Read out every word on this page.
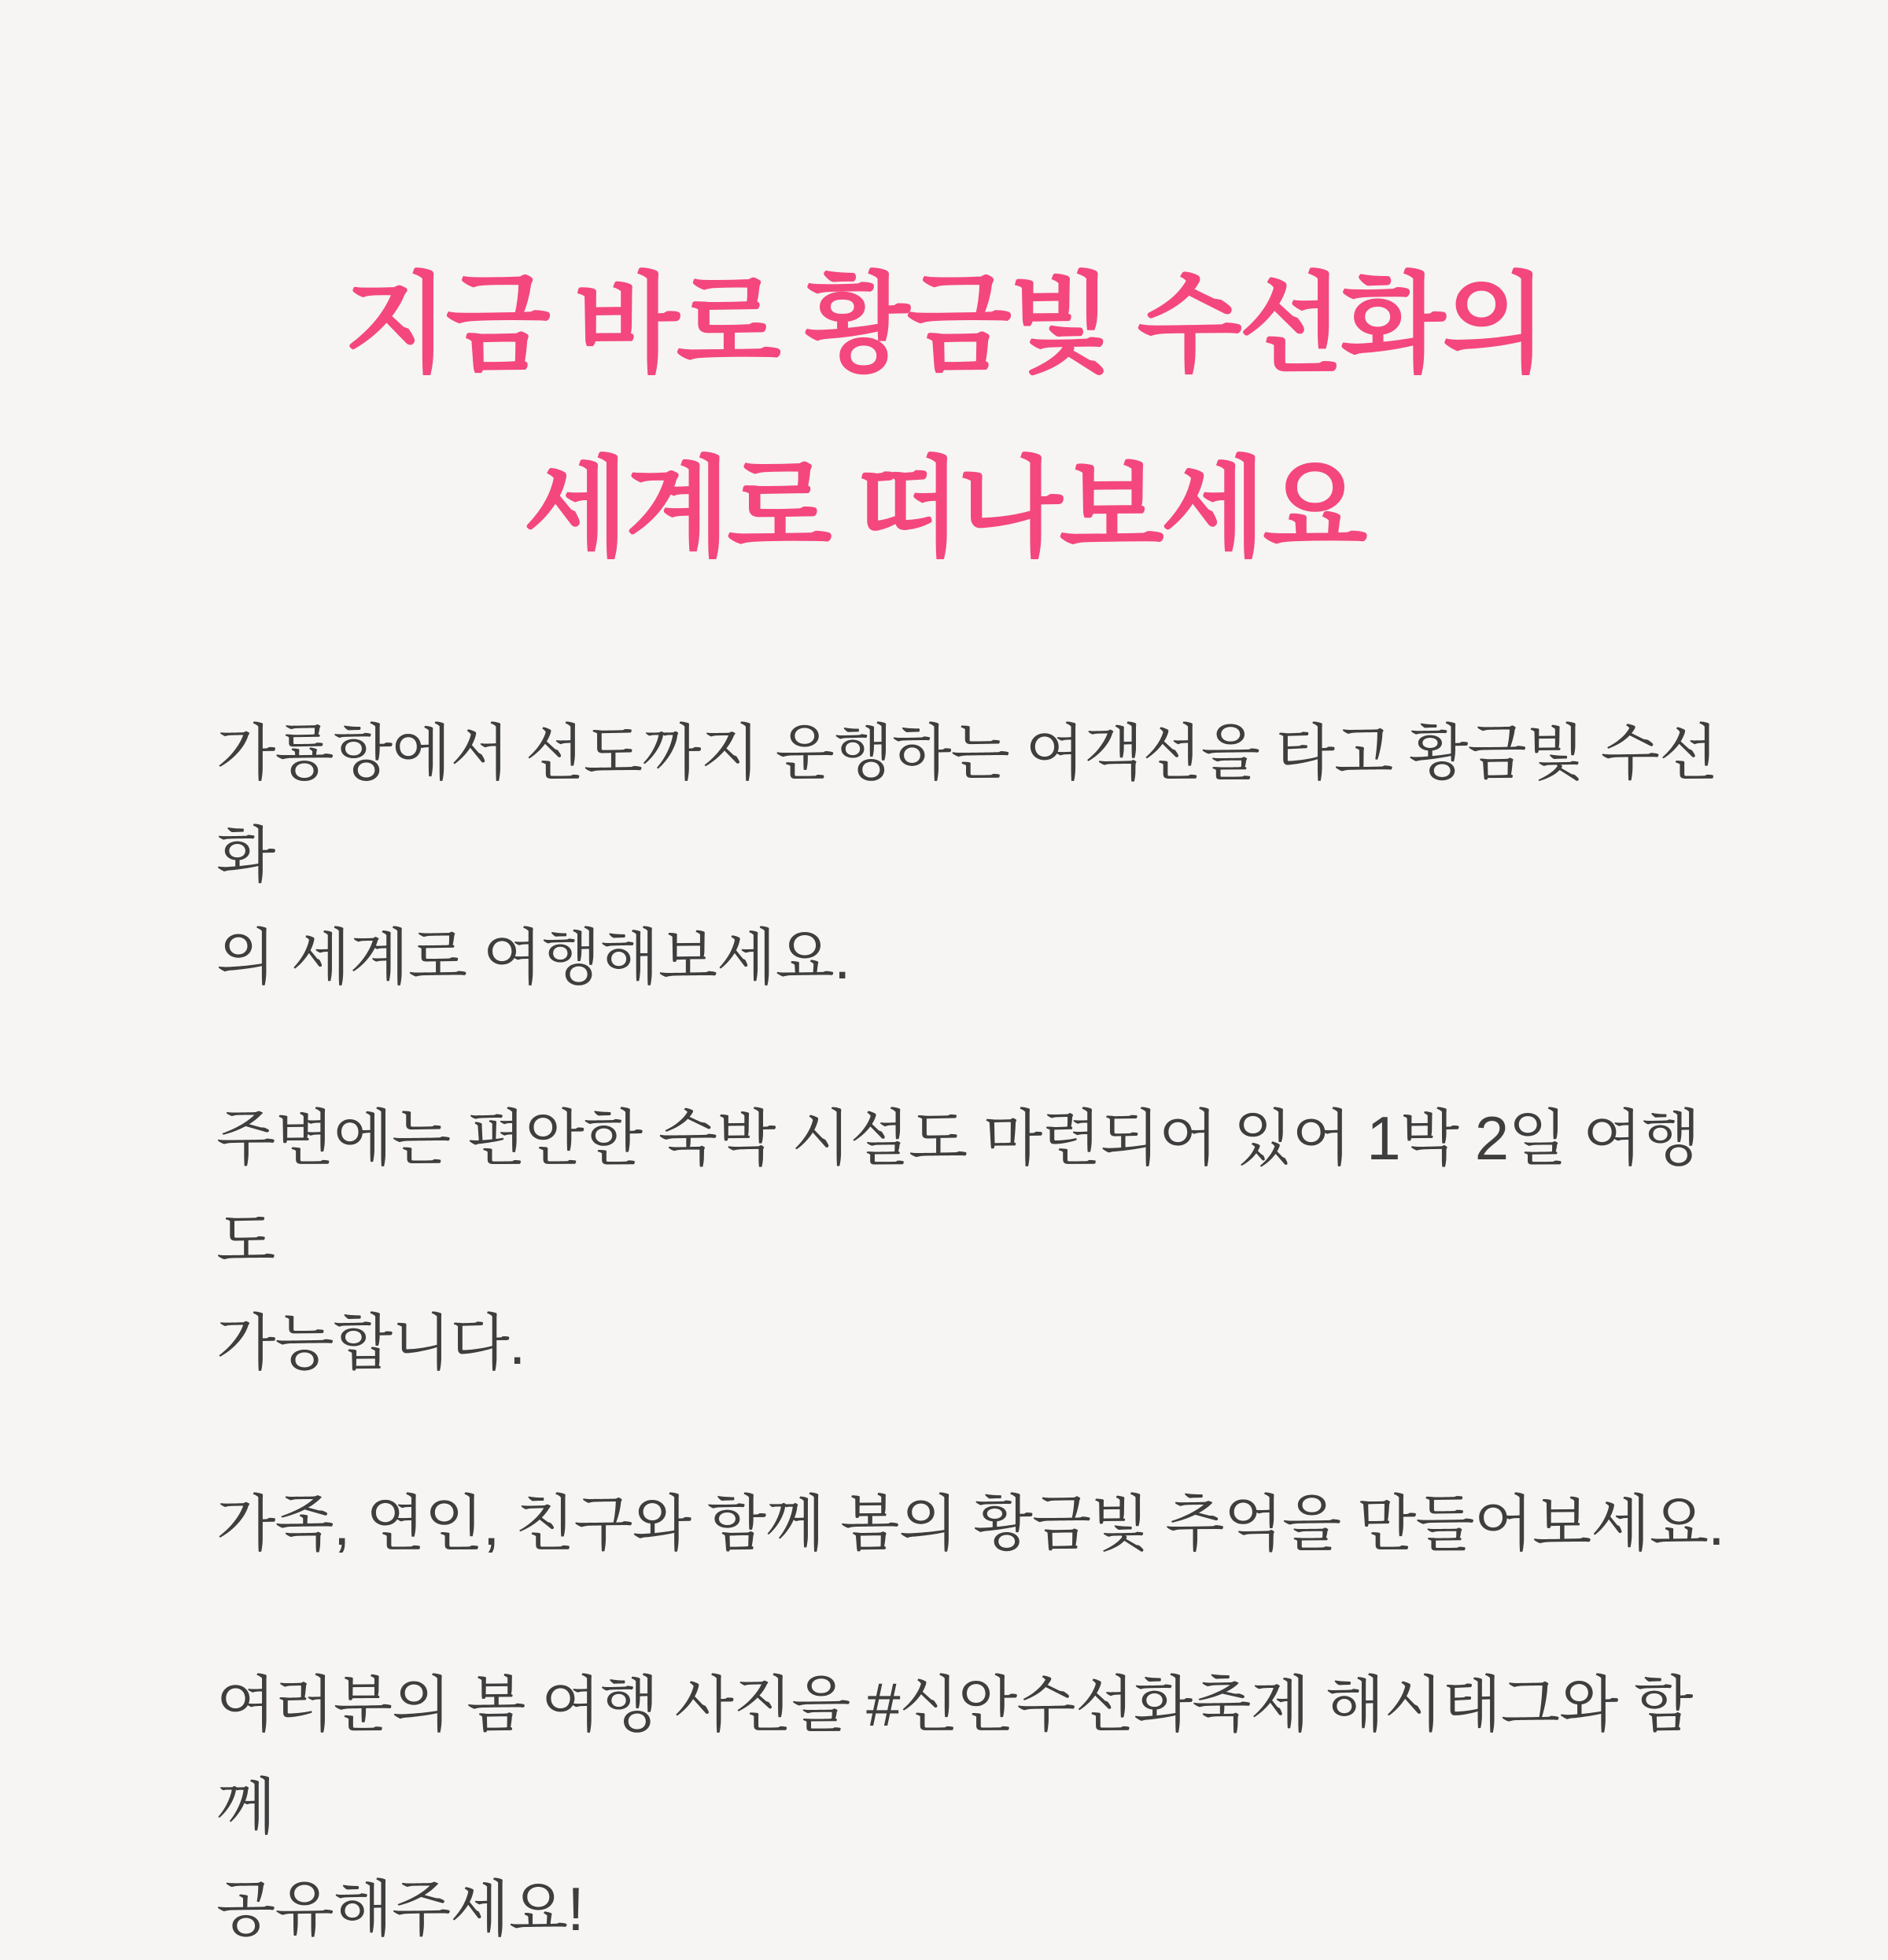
지금 바로 황금빛 수선화의
세계로 떠나보세요
가룡항에서 선도까지 운행하는 여객선을 타고 황금빛 수선화
의 세계로 여행해보세요.
주변에는 편안한 숙박 시설도 마련되어 있어 1박 2일 여행도
가능합니다.
가족, 연인, 친구와 함께 봄의 황금빛 추억을 만들어보세요.
여러분의 봄 여행 사진을 #신안수선화축제 해시태그와 함께
공유해주세요!
